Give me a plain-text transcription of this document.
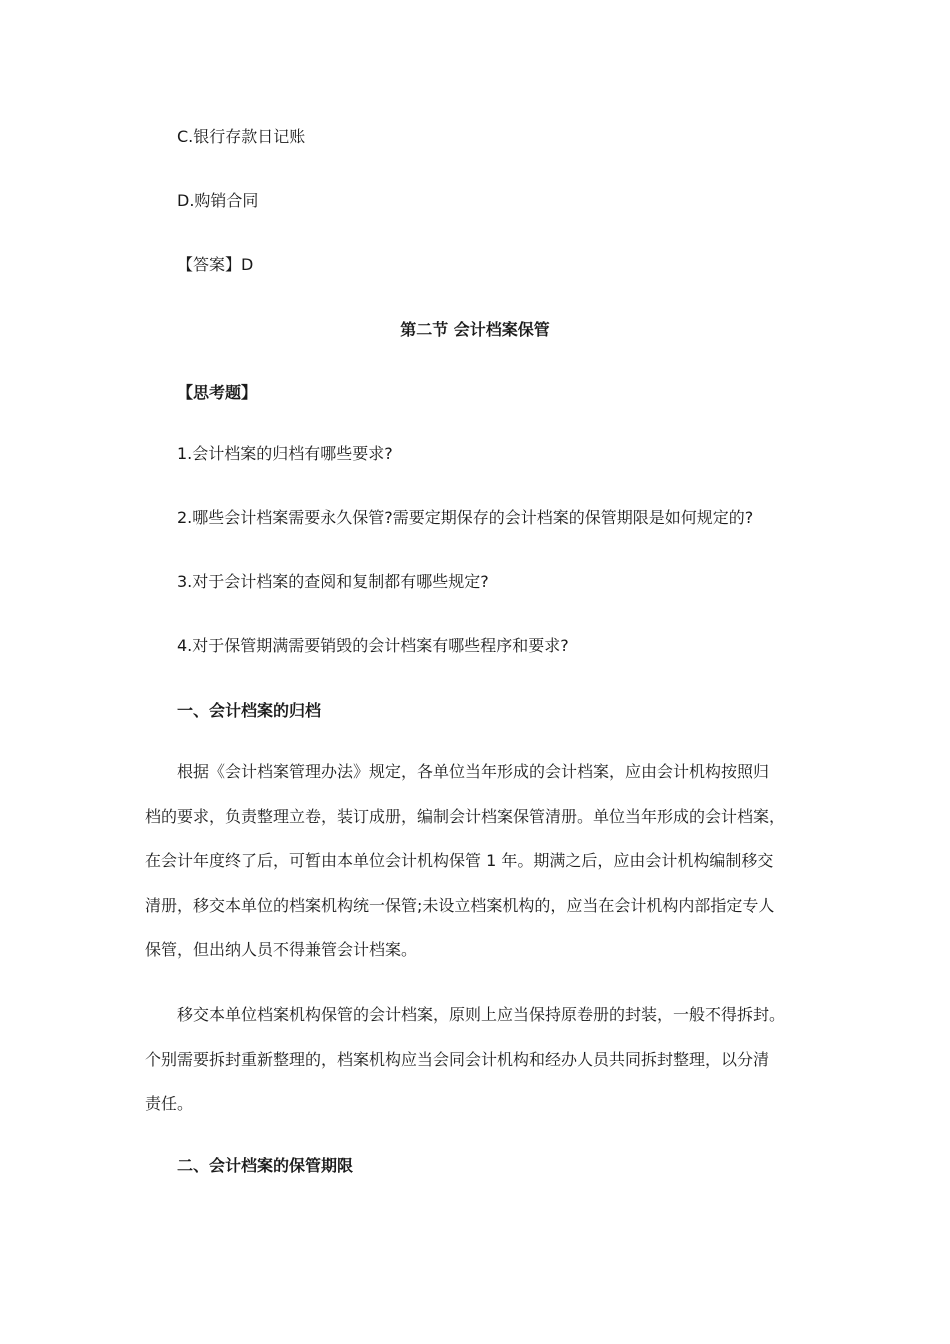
C.银行存款日记账
D.购销合同
【答案】D
第二节 会计档案保管
【思考题】
1.会计档案的归档有哪些要求?
2.哪些会计档案需要永久保管?需要定期保存的会计档案的保管期限是如何规定的?
3.对于会计档案的查阅和复制都有哪些规定?
4.对于保管期满需要销毁的会计档案有哪些程序和要求?
一、会计档案的归档
根据《会计档案管理办法》规定，各单位当年形成的会计档案，应由会计机构按照归
档的要求，负责整理立卷，装订成册，编制会计档案保管清册。单位当年形成的会计档案，
在会计年度终了后，可暂由本单位会计机构保管 1 年。期满之后，应由会计机构编制移交
清册，移交本单位的档案机构统一保管;未设立档案机构的，应当在会计机构内部指定专人
保管，但出纳人员不得兼管会计档案。
移交本单位档案机构保管的会计档案，原则上应当保持原卷册的封装，一般不得拆封。
个别需要拆封重新整理的，档案机构应当会同会计机构和经办人员共同拆封整理，以分清
责任。
二、会计档案的保管期限
